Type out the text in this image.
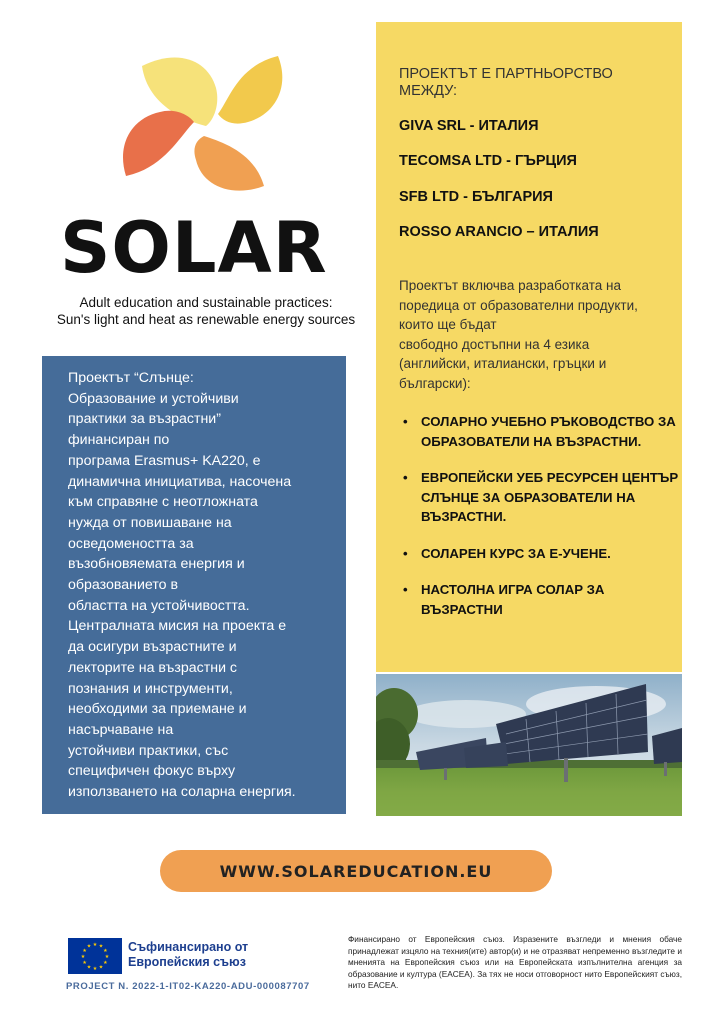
SOLAR
Adult education and sustainable practices:
Sun's light and heat as renewable energy sources
Проектът “Слънце:
Образование и устойчиви
практики за възрастни”
финансиран по
програма Erasmus+ KA220, е
динамична инициатива, насочена
към справяне с неотложната
нужда от повишаване на
осведомеността за
възобновяемата енергия и
образованието в
областта на устойчивостта.
Централната мисия на проекта е
да осигури възрастните и
лекторите на възрастни с
познания и инструменти,
необходими за приемане и
насърчаване на
устойчиви практики, със
специфичен фокус върху
използването на соларна енергия.
ПРОЕКТЪТ Е ПАРТНЬОРСТВО МЕЖДУ:
GIVA SRL - ИТАЛИЯ
TECOMSA LTD - ГЪРЦИЯ
SFB LTD - БЪЛГАРИЯ
ROSSO ARANCIO – ИТАЛИЯ
Проектът включва разработката на
поредица от образователни продукти,
които ще бъдат
свободно достъпни на 4 езика
(английски, италиански, гръцки и
български):
• СОЛАРНО УЧЕБНО РЪКОВОДСТВО ЗА ОБРАЗОВАТЕЛИ НА ВЪЗРАСТНИ.
• ЕВРОПЕЙСКИ УЕБ РЕСУРСЕН ЦЕНТЪР СЛЪНЦЕ ЗА ОБРАЗОВАТЕЛИ НА ВЪЗРАСТНИ.
• СОЛАРЕН КУРС ЗА Е-УЧЕНЕ.
• НАСТОЛНА ИГРА СОЛАР ЗА ВЪЗРАСТНИ
WWW.SOLAREDUCATION.EU
★ ★
★
★
★
★
★
★
★
★
★
★	Съфинансирано от
Европейския съюз
PROJECT N. 2022-1-IT02-KA220-ADU-000087707
Финансирано от Европейския съюз. Изразените възгледи и мнения обаче принадлежат изцяло на техния(ите) автор(и) и не отразяват непременно възгледите и мненията на Европейския съюз или на Европейската изпълнителна агенция за образование и култура (EACEA). За тях не носи отговорност нито Европейският съюз, нито EACEA.
